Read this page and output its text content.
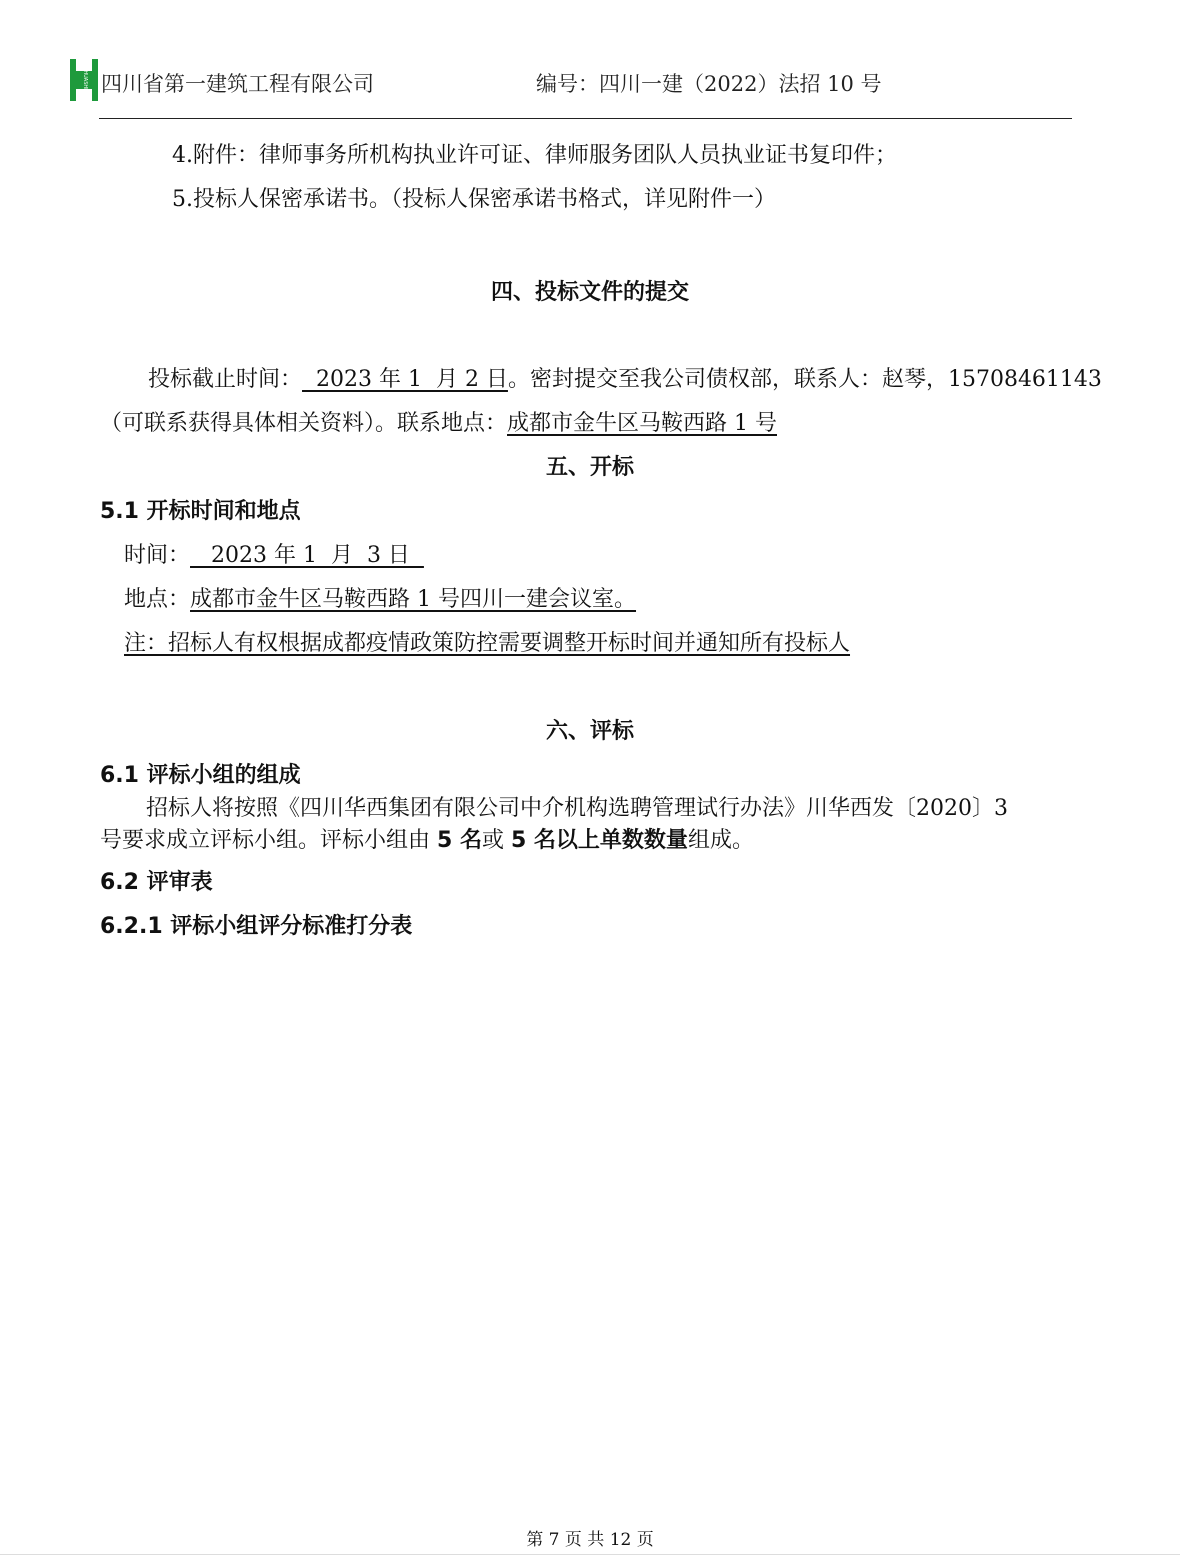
HUASHI 四川省第一建筑工程有限公司	编号：四川一建（2022）法招 10 号
4.附件：律师事务所机构执业许可证、律师服务团队人员执业证书复印件；
5.投标人保密承诺书。（投标人保密承诺书格式，详见附件一）
四、投标文件的提交
投标截止时间：  2023 年 1  月 2 日。密封提交至我公司债权部，联系人：赵琴，15708461143
（可联系获得具体相关资料）。联系地点：成都市金牛区马鞍西路 1 号
五、开标
5.1 开标时间和地点
时间：   2023 年 1  月  3 日
地点：成都市金牛区马鞍西路 1 号四川一建会议室。
注：招标人有权根据成都疫情政策防控需要调整开标时间并通知所有投标人
六、评标
6.1 评标小组的组成
招标人将按照《四川华西集团有限公司中介机构选聘管理试行办法》川华西发〔2020〕3
号要求成立评标小组。评标小组由 5 名或 5 名以上单数数量组成。
6.2 评审表
6.2.1 评标小组评分标准打分表
第 7 页 共 12 页
